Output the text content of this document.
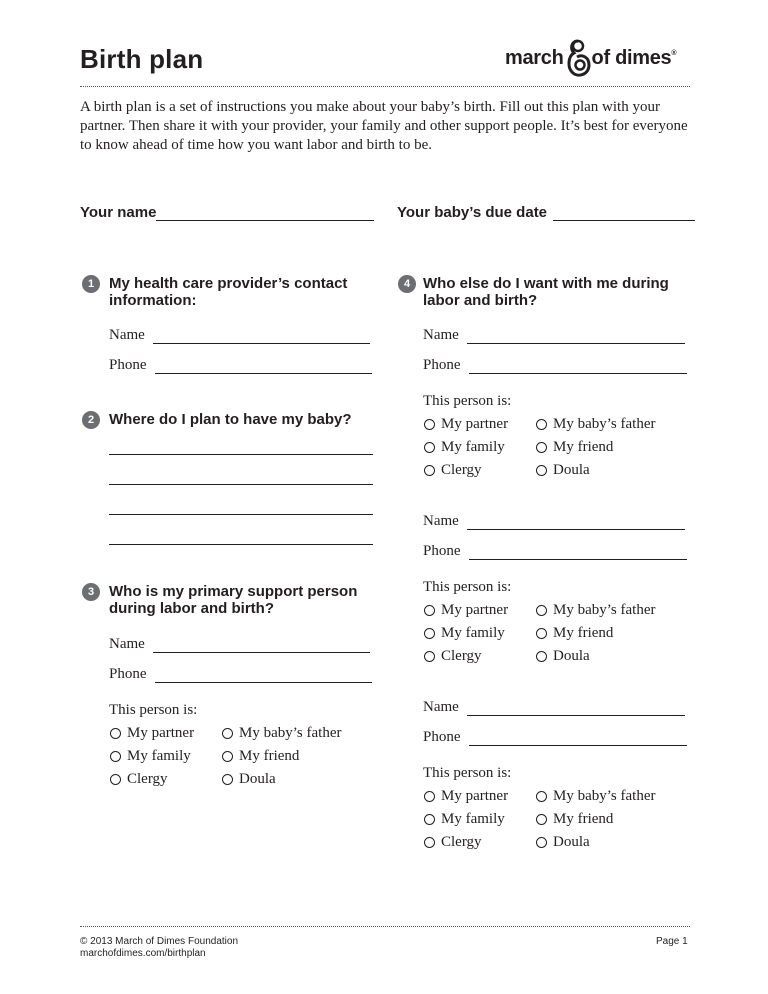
Birth plan	march of dimes ®
A birth plan is a set of instructions you make about your baby’s birth. Fill out this plan with your partner. Then share it with your provider, your family and other support people. It’s best for everyone to know ahead of time how you want labor and birth to be.
Your name	Your baby’s due date
1 My health care provider’s contact information:
Name
Phone
2 Where do I plan to have my baby?
3 Who is my primary support person during labor and birth?
Name
Phone
This person is:
My partner	My baby’s father
My family	My friend
Clergy	Doula
4 Who else do I want with me during labor and birth?
Name
Phone
This person is:
My partner	My baby’s father
My family	My friend
Clergy	Doula
Name
Phone
This person is:
My partner	My baby’s father
My family	My friend
Clergy	Doula
Name
Phone
This person is:
My partner	My baby’s father
My family	My friend
Clergy	Doula
© 2013 March of Dimes Foundation
marchofdimes.com/birthplan
Page 1
